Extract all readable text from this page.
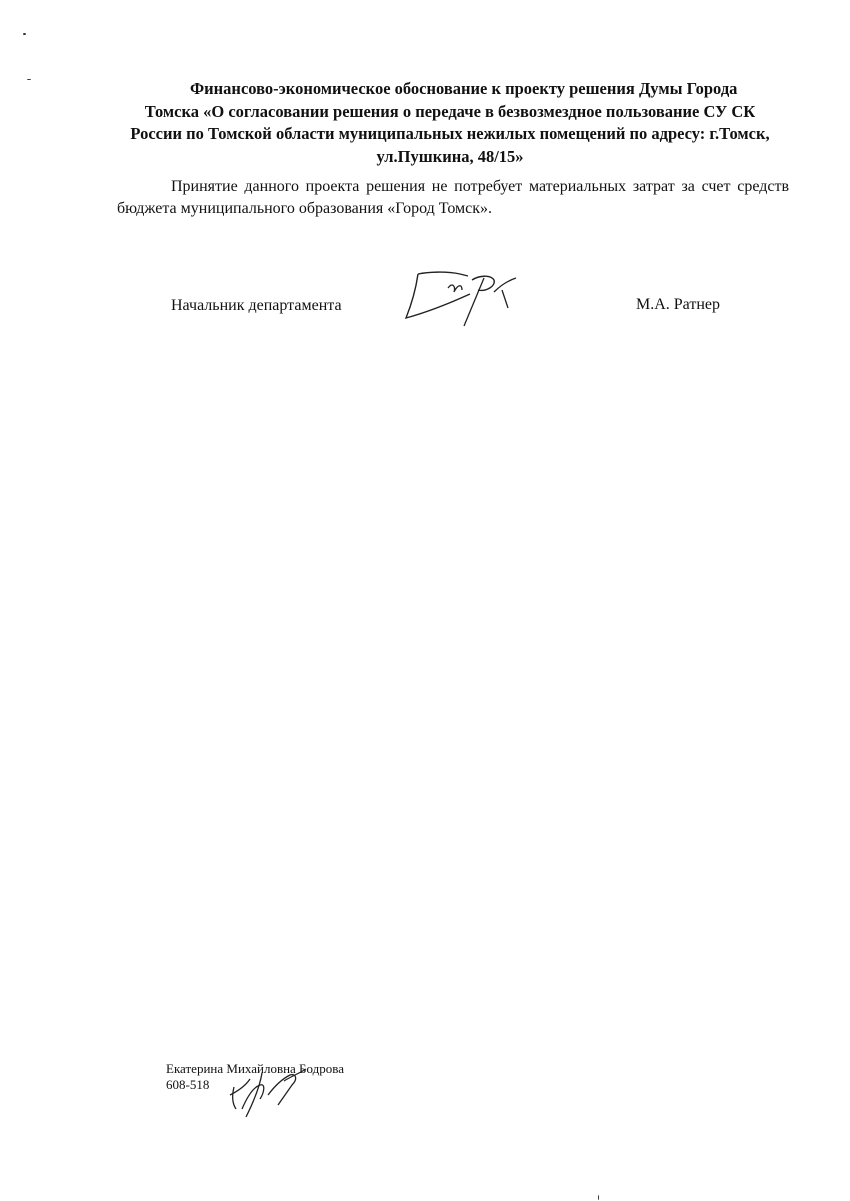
Финансово-экономическое обоснование к проекту решения Думы Города
Томска «О согласовании решения о передаче в безвозмездное пользование СУ СК
России по Томской области муниципальных нежилых помещений по адресу: г.Томск,
ул.Пушкина, 48/15»

Принятие данного проекта решения не потребует материальных затрат за счет средств бюджета муниципального образования «Город Томск».

Начальник департамента	М.А. Ратнер
Екатерина Михайловна Бодрова
608-518
